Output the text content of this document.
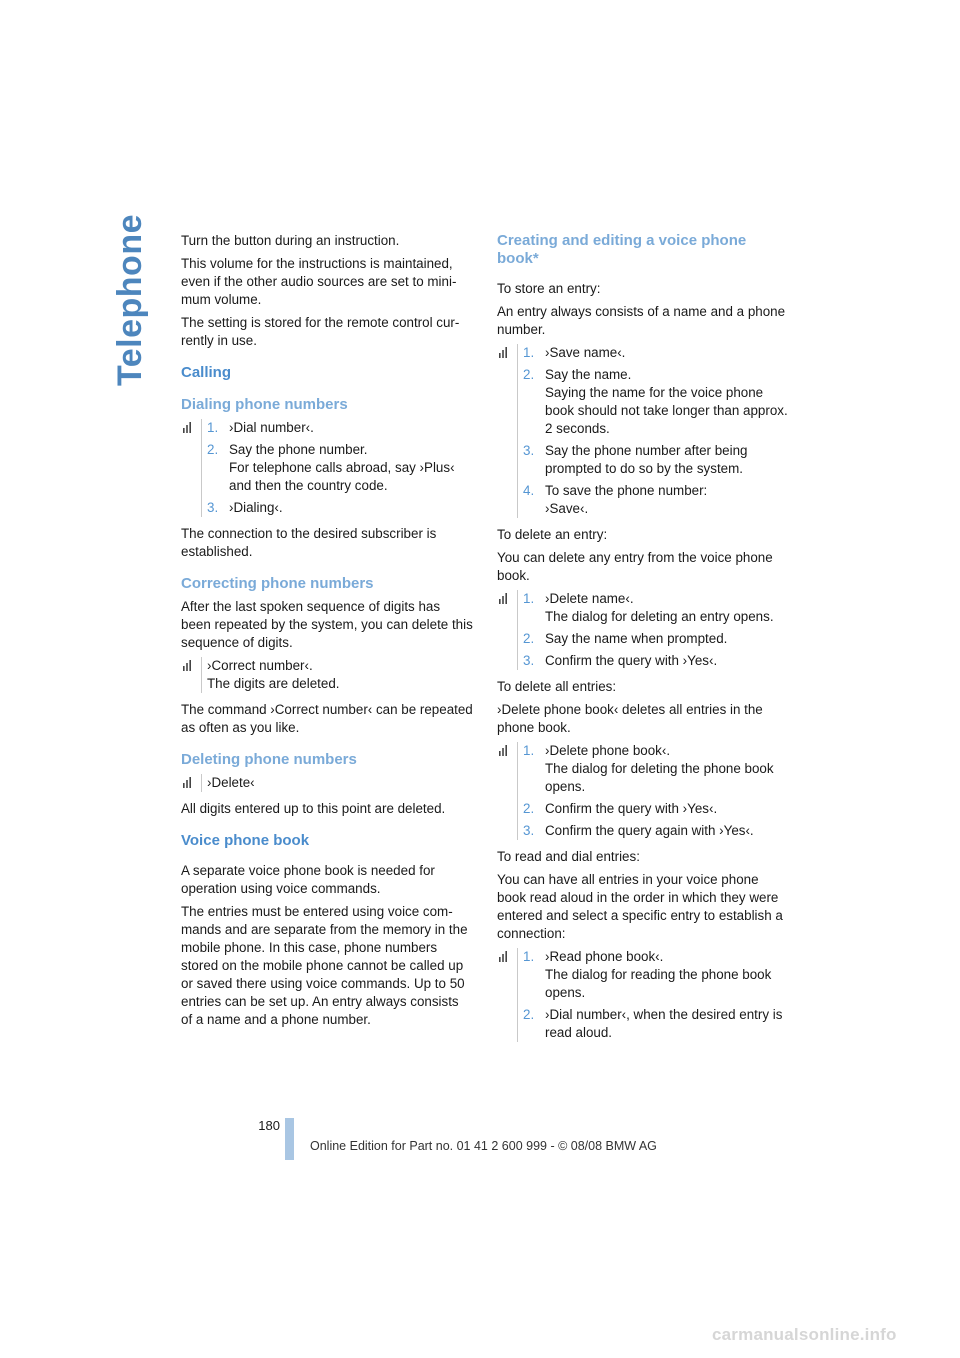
Telephone Turn the button during an instruction.

This volume for the instructions is maintained, even if the other audio sources are set to mini-mum volume.

The setting is stored for the remote control cur-rently in use.

Calling
Dialing phone numbers
1. ›Dial number‹.
2. Say the phone number.
For telephone calls abroad, say ›Plus‹ and then the country code.
3. ›Dialing‹.

The connection to the desired subscriber is established.

Correcting phone numbers

After the last spoken sequence of digits has been repeated by the system, you can delete this sequence of digits.

›Correct number‹.
The digits are deleted.

The command ›Correct number‹ can be repeated as often as you like.

Deleting phone numbers
›Delete‹

All digits entered up to this point are deleted.

Voice phone book

A separate voice phone book is needed for operation using voice commands.

The entries must be entered using voice com-mands and are separate from the memory in the mobile phone. In this case, phone numbers stored on the mobile phone cannot be called up or saved there using voice commands. Up to 50 entries can be set up. An entry always consists of a name and a phone number.

Creating and editing a voice phone book*

To store an entry:

An entry always consists of a name and a phone number.

1. ›Save name‹.
2. Say the name.
Saying the name for the voice phone book should not take longer than approx. 2 seconds.
3. Say the phone number after being prompted to do so by the system.
4. To save the phone number:
›Save‹.

To delete an entry:

You can delete any entry from the voice phone book.

1. ›Delete name‹.
The dialog for deleting an entry opens.
2. Say the name when prompted.
3. Confirm the query with ›Yes‹.

To delete all entries:

›Delete phone book‹ deletes all entries in the phone book.

1. ›Delete phone book‹.
The dialog for deleting the phone book opens.
2. Confirm the query with ›Yes‹.
3. Confirm the query again with ›Yes‹.

To read and dial entries:

You can have all entries in your voice phone book read aloud in the order in which they were entered and select a specific entry to establish a connection:

1. ›Read phone book‹.
The dialog for reading the phone book opens.
2. ›Dial number‹, when the desired entry is read aloud.
180
Online Edition for Part no. 01 41 2 600 999 - © 08/08 BMW AG
carmanualsonline.info
